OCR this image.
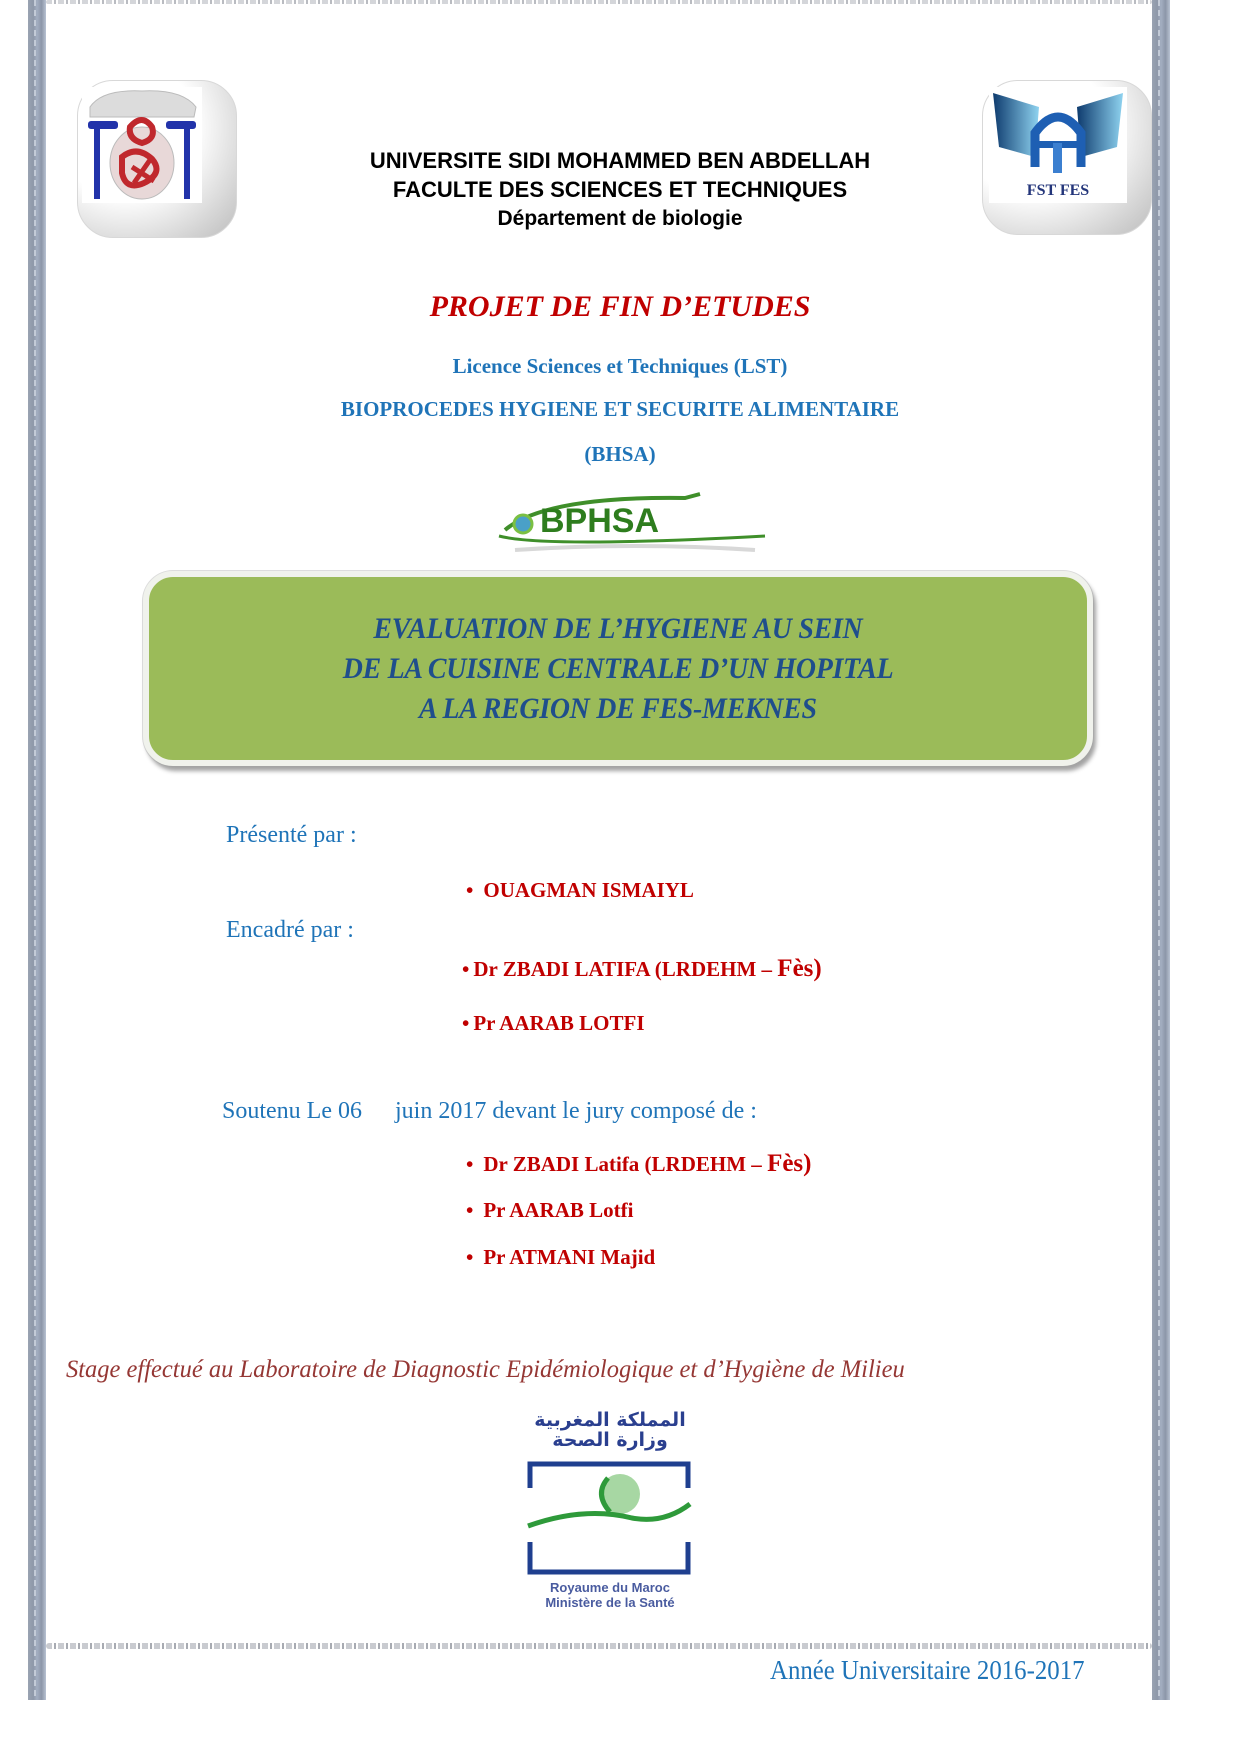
FST FES
UNIVERSITE SIDI MOHAMMED BEN ABDELLAH
FACULTE DES SCIENCES ET TECHNIQUES
Département de biologie
PROJET DE FIN D’ETUDES
Licence Sciences et Techniques (LST)
BIOPROCEDES HYGIENE ET SECURITE ALIMENTAIRE
(BHSA)
BPHSA
EVALUATION DE L’HYGIENE AU SEIN
DE LA CUISINE CENTRALE D’UN HOPITAL
A LA REGION DE FES-MEKNES
Présenté par :
• OUAGMAN ISMAIYL
Encadré par :
• Dr ZBADI LATIFA (LRDEHM – Fès)
• Pr AARAB LOTFI
Soutenu Le 06 juin 2017 devant le jury composé de :
• Dr ZBADI Latifa (LRDEHM – Fès)
• Pr AARAB Lotfi
• Pr ATMANI Majid
Stage effectué au Laboratoire de Diagnostic Epidémiologique et d’Hygiène de Milieu
المملكة المغربية
وزارة الصحة
Royaume du Maroc
Ministère de la Santé
Année Universitaire 2016-2017
